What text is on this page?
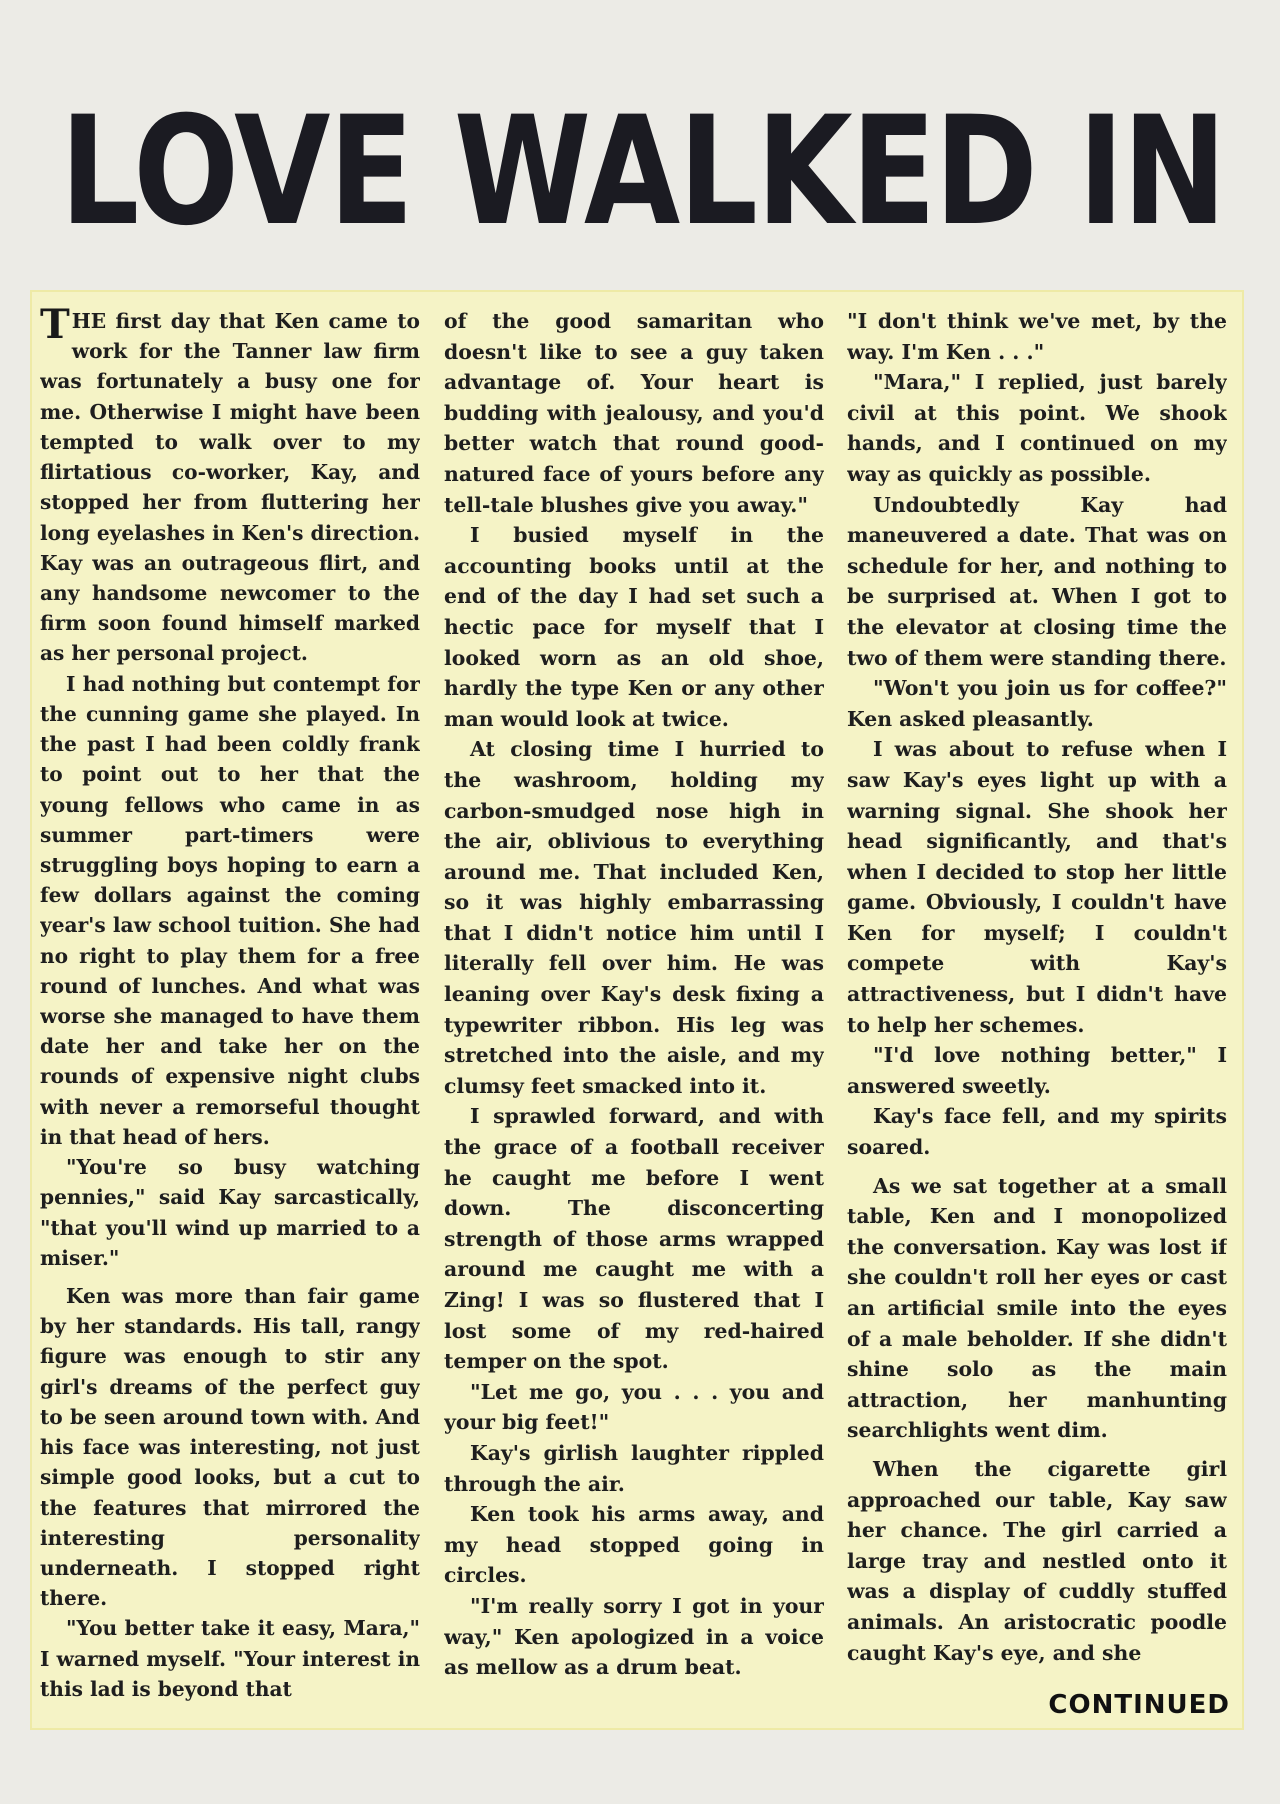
LOVE WALKED IN

THE first day that Ken came to work for the Tanner law firm was fortunately a busy one for me. Otherwise I might have been tempted to walk over to my flirtatious co-worker, Kay, and stopped her from fluttering her long eyelashes in Ken's direction. Kay was an outrageous flirt, and any handsome newcomer to the firm soon found himself marked as her personal project.

I had nothing but contempt for the cunning game she played. In the past I had been coldly frank to point out to her that the young fellows who came in as summer part-timers were struggling boys hoping to earn a few dollars against the coming year's law school tuition. She had no right to play them for a free round of lunches. And what was worse she managed to have them date her and take her on the rounds of expensive night clubs with never a remorseful thought in that head of hers.

"You're so busy watching pennies," said Kay sarcastically, "that you'll wind up married to a miser."

Ken was more than fair game by her standards. His tall, rangy figure was enough to stir any girl's dreams of the perfect guy to be seen around town with. And his face was interesting, not just simple good looks, but a cut to the features that mirrored the interesting personality underneath. I stopped right there.

"You better take it easy, Mara," I warned myself. "Your interest in this lad is beyond that

of the good samaritan who doesn't like to see a guy taken advantage of. Your heart is budding with jealousy, and you'd better watch that round good-natured face of yours before any tell-tale blushes give you away."

I busied myself in the accounting books until at the end of the day I had set such a hectic pace for myself that I looked worn as an old shoe, hardly the type Ken or any other man would look at twice.

At closing time I hurried to the washroom, holding my carbon-smudged nose high in the air, oblivious to everything around me. That included Ken, so it was highly embarrassing that I didn't notice him until I literally fell over him. He was leaning over Kay's desk fixing a typewriter ribbon. His leg was stretched into the aisle, and my clumsy feet smacked into it.

I sprawled forward, and with the grace of a football receiver he caught me before I went down. The disconcerting strength of those arms wrapped around me caught me with a Zing! I was so flustered that I lost some of my red-haired temper on the spot.

"Let me go, you . . . you and your big feet!"

Kay's girlish laughter rippled through the air.

Ken took his arms away, and my head stopped going in circles.

"I'm really sorry I got in your way," Ken apologized in a voice as mellow as a drum beat.

"I don't think we've met, by the way. I'm Ken . . ."

"Mara," I replied, just barely civil at this point. We shook hands, and I continued on my way as quickly as possible.

Undoubtedly Kay had maneuvered a date. That was on schedule for her, and nothing to be surprised at. When I got to the elevator at closing time the two of them were standing there.

"Won't you join us for coffee?" Ken asked pleasantly.

I was about to refuse when I saw Kay's eyes light up with a warning signal. She shook her head significantly, and that's when I decided to stop her little game. Obviously, I couldn't have Ken for myself; I couldn't compete with Kay's attractiveness, but I didn't have to help her schemes.

"I'd love nothing better," I answered sweetly.

Kay's face fell, and my spirits soared.

As we sat together at a small table, Ken and I monopolized the conversation. Kay was lost if she couldn't roll her eyes or cast an artificial smile into the eyes of a male beholder. If she didn't shine solo as the main attraction, her manhunting searchlights went dim.

When the cigarette girl approached our table, Kay saw her chance. The girl carried a large tray and nestled onto it was a display of cuddly stuffed animals. An aristocratic poodle caught Kay's eye, and she

CONTINUED
